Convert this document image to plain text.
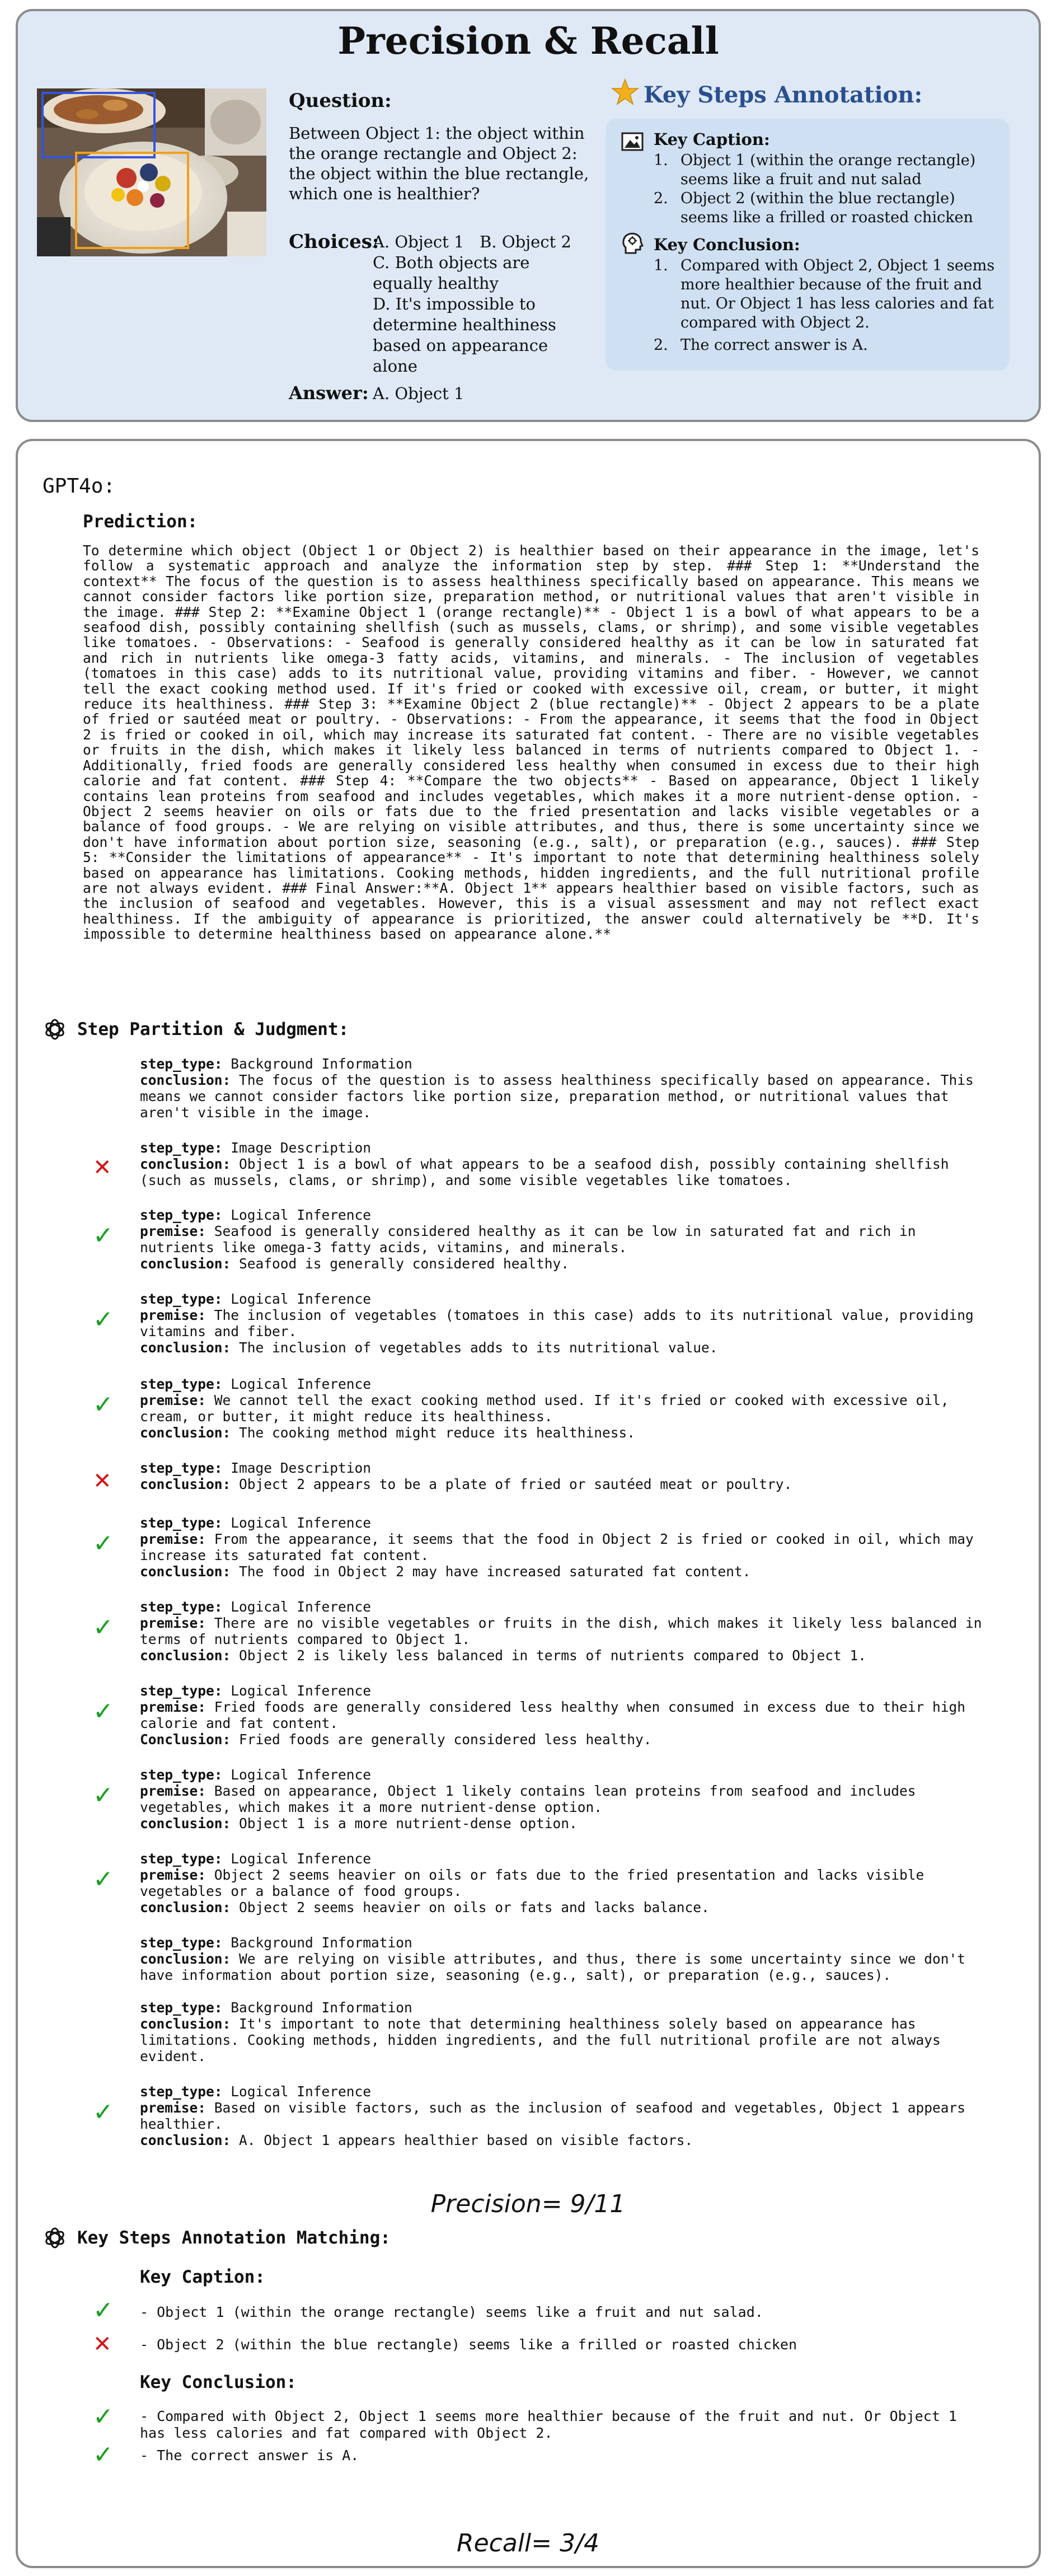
Precision & Recall
Question:
Between Object 1: the object within the orange rectangle and Object 2: the object within the blue rectangle, which one is healthier?
Choices:
A. Object 1   B. Object 2
C. Both objects are equally healthy
D. It's impossible to determine healthiness based on appearance alone
Answer: A. Object 1
Key Steps Annotation:
Key Caption:
1. Object 1 (within the orange rectangle) seems like a fruit and nut salad
2. Object 2 (within the blue rectangle) seems like a frilled or roasted chicken
Key Conclusion:
1. Compared with Object 2, Object 1 seems more healthier because of the fruit and nut. Or Object 1 has less calories and fat compared with Object 2.
2. The correct answer is A.
GPT4o:
Prediction:
To determine which object (Object 1 or Object 2) is healthier based on their appearance in the image, let's follow a systematic approach and analyze the information step by step. ### Step 1: **Understand the context** The focus of the question is to assess healthiness specifically based on appearance. This means we cannot consider factors like portion size, preparation method, or nutritional values that aren't visible in the image. ### Step 2: **Examine Object 1 (orange rectangle)** - Object 1 is a bowl of what appears to be a seafood dish, possibly containing shellfish (such as mussels, clams, or shrimp), and some visible vegetables like tomatoes. - Observations: - Seafood is generally considered healthy as it can be low in saturated fat and rich in nutrients like omega-3 fatty acids, vitamins, and minerals. - The inclusion of vegetables (tomatoes in this case) adds to its nutritional value, providing vitamins and fiber. - However, we cannot tell the exact cooking method used. If it's fried or cooked with excessive oil, cream, or butter, it might reduce its healthiness. ### Step 3: **Examine Object 2 (blue rectangle)** - Object 2 appears to be a plate of fried or sautéed meat or poultry. - Observations: - From the appearance, it seems that the food in Object 2 is fried or cooked in oil, which may increase its saturated fat content. - There are no visible vegetables or fruits in the dish, which makes it likely less balanced in terms of nutrients compared to Object 1. - Additionally, fried foods are generally considered less healthy when consumed in excess due to their high calorie and fat content. ### Step 4: **Compare the two objects** - Based on appearance, Object 1 likely contains lean proteins from seafood and includes vegetables, which makes it a more nutrient-dense option. - Object 2 seems heavier on oils or fats due to the fried presentation and lacks visible vegetables or a balance of food groups. - We are relying on visible attributes, and thus, there is some uncertainty since we don't have information about portion size, seasoning (e.g., salt), or preparation (e.g., sauces). ### Step 5: **Consider the limitations of appearance** - It's important to note that determining healthiness solely based on appearance has limitations. Cooking methods, hidden ingredients, and the full nutritional profile are not always evident. ### Final Answer:**A. Object 1** appears healthier based on visible factors, such as the inclusion of seafood and vegetables. However, this is a visual assessment and may not reflect exact healthiness. If the ambiguity of appearance is prioritized, the answer could alternatively be **D. It's impossible to determine healthiness based on appearance alone.**
Step Partition & Judgment:
step_type: Background Information
conclusion: The focus of the question is to assess healthiness specifically based on appearance. This means we cannot consider factors like portion size, preparation method, or nutritional values that aren't visible in the image.
✕
step_type: Image Description
conclusion: Object 1 is a bowl of what appears to be a seafood dish, possibly containing shellfish (such as mussels, clams, or shrimp), and some visible vegetables like tomatoes.
✓
step_type: Logical Inference
premise: Seafood is generally considered healthy as it can be low in saturated fat and rich in nutrients like omega-3 fatty acids, vitamins, and minerals.
conclusion: Seafood is generally considered healthy.
✓
step_type: Logical Inference
premise: The inclusion of vegetables (tomatoes in this case) adds to its nutritional value, providing vitamins and fiber.
conclusion: The inclusion of vegetables adds to its nutritional value.
✓
step_type: Logical Inference
premise: We cannot tell the exact cooking method used. If it's fried or cooked with excessive oil, cream, or butter, it might reduce its healthiness.
conclusion: The cooking method might reduce its healthiness.
✕
step_type: Image Description
conclusion: Object 2 appears to be a plate of fried or sautéed meat or poultry.
✓
step_type: Logical Inference
premise: From the appearance, it seems that the food in Object 2 is fried or cooked in oil, which may increase its saturated fat content.
conclusion: The food in Object 2 may have increased saturated fat content.
✓
step_type: Logical Inference
premise: There are no visible vegetables or fruits in the dish, which makes it likely less balanced in terms of nutrients compared to Object 1.
conclusion: Object 2 is likely less balanced in terms of nutrients compared to Object 1.
✓
step_type: Logical Inference
premise: Fried foods are generally considered less healthy when consumed in excess due to their high calorie and fat content.
Conclusion: Fried foods are generally considered less healthy.
✓
step_type: Logical Inference
premise: Based on appearance, Object 1 likely contains lean proteins from seafood and includes vegetables, which makes it a more nutrient-dense option.
conclusion: Object 1 is a more nutrient-dense option.
✓
step_type: Logical Inference
premise: Object 2 seems heavier on oils or fats due to the fried presentation and lacks visible vegetables or a balance of food groups.
conclusion: Object 2 seems heavier on oils or fats and lacks balance.
step_type: Background Information
conclusion: We are relying on visible attributes, and thus, there is some uncertainty since we don't have information about portion size, seasoning (e.g., salt), or preparation (e.g., sauces).
step_type: Background Information
conclusion: It's important to note that determining healthiness solely based on appearance has limitations. Cooking methods, hidden ingredients, and the full nutritional profile are not always evident.
✓
step_type: Logical Inference
premise: Based on visible factors, such as the inclusion of seafood and vegetables, Object 1 appears healthier.
conclusion: A. Object 1 appears healthier based on visible factors.
Precision= 9/11
Key Steps Annotation Matching:
Key Caption:
✓ - Object 1 (within the orange rectangle) seems like a fruit and nut salad.
✕ - Object 2 (within the blue rectangle) seems like a frilled or roasted chicken
Key Conclusion:
✓ - Compared with Object 2, Object 1 seems more healthier because of the fruit and nut. Or Object 1 has less calories and fat compared with Object 2.
✓ - The correct answer is A.
Recall= 3/4
